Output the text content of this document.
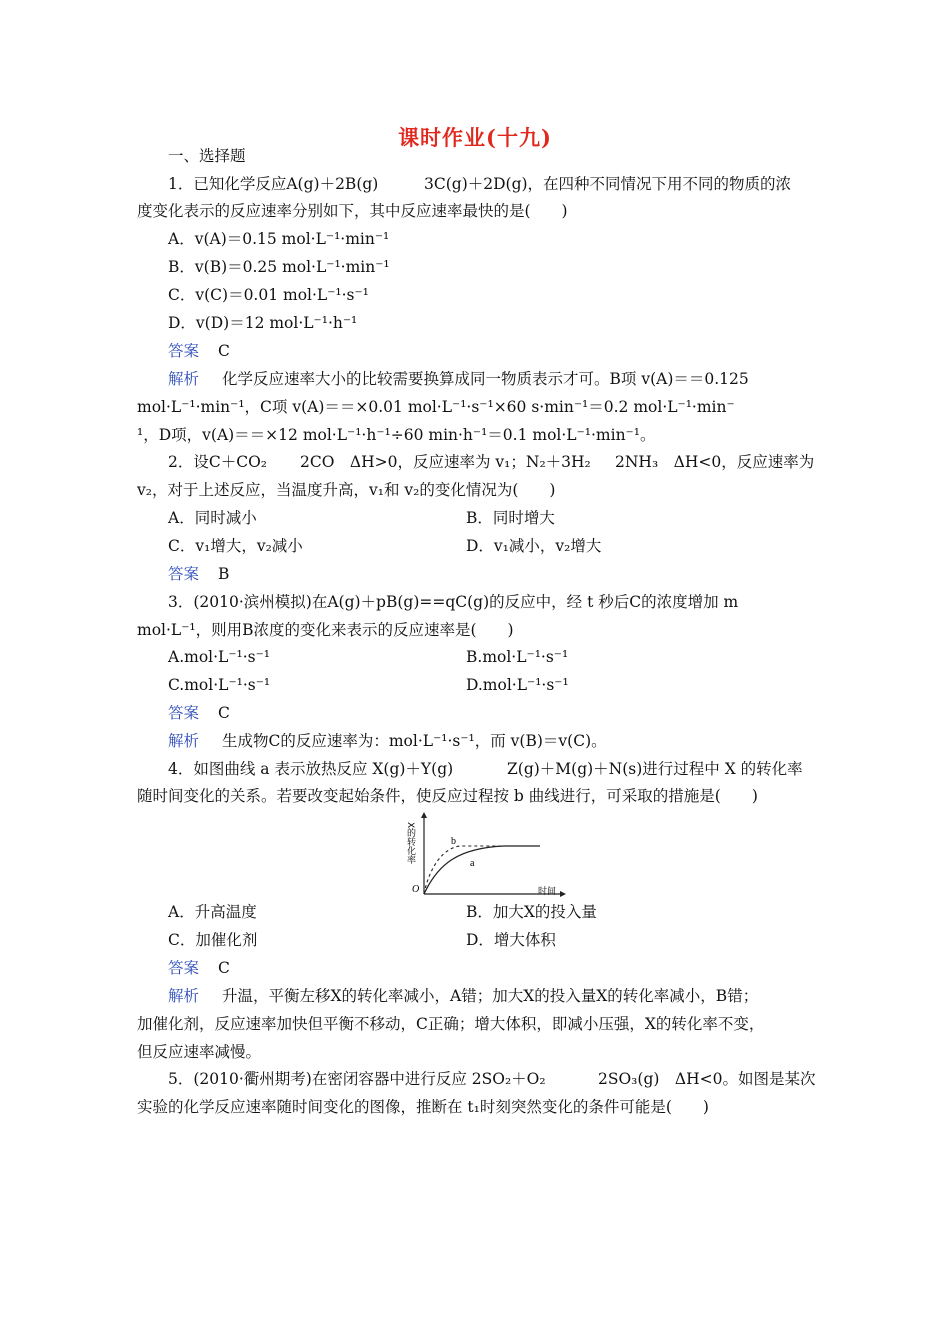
课时作业(十九)
一、选择题
1．已知化学反应A(g)＋2B(g)	3C(g)＋2D(g)，在四种不同情况下用不同的物质的浓
度变化表示的反应速率分别如下，其中反应速率最快的是(　　)
A．v(A)＝0.15 mol·L⁻¹·min⁻¹
B．v(B)＝0.25 mol·L⁻¹·min⁻¹
C．v(C)＝0.01 mol·L⁻¹·s⁻¹
D．v(D)＝12 mol·L⁻¹·h⁻¹
答案 C
解析 化学反应速率大小的比较需要换算成同一物质表示才可。B项 v(A)＝＝0.125
mol·L⁻¹·min⁻¹，C项 v(A)＝＝×0.01 mol·L⁻¹·s⁻¹×60 s·min⁻¹＝0.2 mol·L⁻¹·min⁻
¹，D项，v(A)＝＝×12 mol·L⁻¹·h⁻¹÷60 min·h⁻¹＝0.1 mol·L⁻¹·min⁻¹。
2．设C＋CO₂ 2CO　ΔH>0，反应速率为 v₁；N₂＋3H₂ 2NH₃　ΔH<0，反应速率为
v₂，对于上述反应，当温度升高，v₁和 v₂的变化情况为(　　)
A．同时减小	B．同时增大
C．v₁增大，v₂减小	D．v₁减小，v₂增大
答案 B
3．(2010·滨州模拟)在A(g)＋pB(g)==qC(g)的反应中，经 t 秒后C的浓度增加 m
mol·L⁻¹，则用B浓度的变化来表示的反应速率是(　　)
A.mol·L⁻¹·s⁻¹	B.mol·L⁻¹·s⁻¹
C.mol·L⁻¹·s⁻¹	D.mol·L⁻¹·s⁻¹
答案 C
解析 生成物C的反应速率为：mol·L⁻¹·s⁻¹，而 v(B)＝v(C)。
4．如图曲线 a 表示放热反应 X(g)＋Y(g)	Z(g)＋M(g)＋N(s)进行过程中 X 的转化率
随时间变化的关系。若要改变起始条件，使反应过程按 b 曲线进行，可采取的措施是(　　)
a
b
O	时间
X的转化率
A．升高温度	B．加大X的投入量
C．加催化剂	D．增大体积
答案 C
解析 升温，平衡左移X的转化率减小，A错；加大X的投入量X的转化率减小，B错；
加催化剂，反应速率加快但平衡不移动，C正确；增大体积，即减小压强，X的转化率不变，
但反应速率减慢。
5．(2010·衢州期考)在密闭容器中进行反应 2SO₂＋O₂	2SO₃(g)　ΔH<0。如图是某次
实验的化学反应速率随时间变化的图像，推断在 t₁时刻突然变化的条件可能是(　　)
